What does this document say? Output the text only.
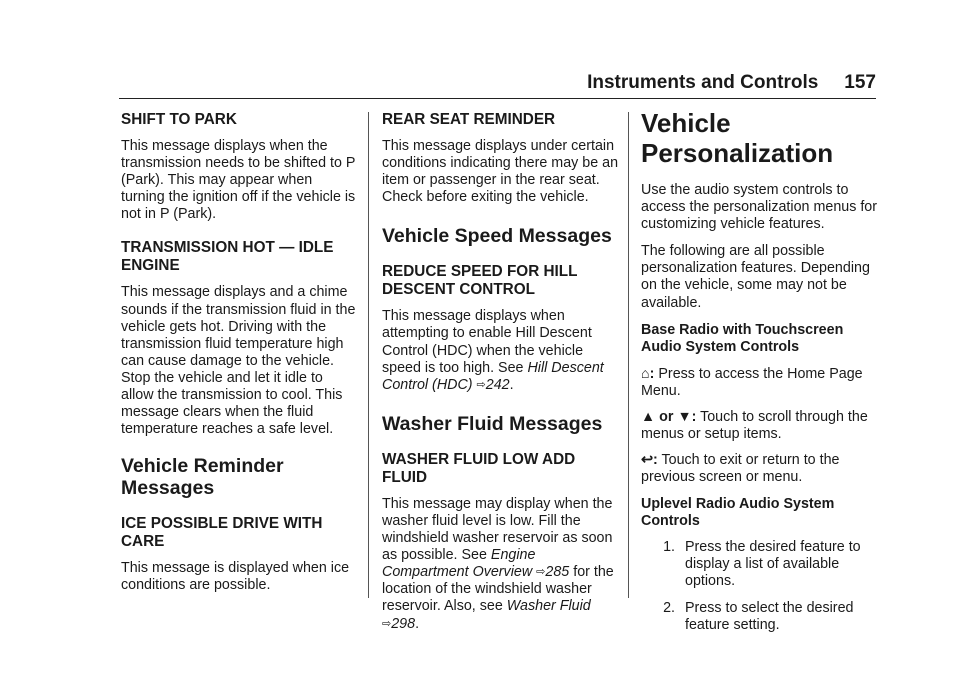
Instruments and Controls 157
SHIFT TO PARK

This message displays when the transmission needs to be shifted to P (Park). This may appear when turning the ignition off if the vehicle is not in P (Park).

TRANSMISSION HOT — IDLE ENGINE

This message displays and a chime sounds if the transmission fluid in the vehicle gets hot. Driving with the transmission fluid temperature high can cause damage to the vehicle. Stop the vehicle and let it idle to allow the transmission to cool. This message clears when the fluid temperature reaches a safe level.

Vehicle Reminder Messages
ICE POSSIBLE DRIVE WITH CARE

This message is displayed when ice conditions are possible.

REAR SEAT REMINDER

This message displays under certain conditions indicating there may be an item or passenger in the rear seat. Check before exiting the vehicle.

Vehicle Speed Messages
REDUCE SPEED FOR HILL DESCENT CONTROL

This message displays when attempting to enable Hill Descent Control (HDC) when the vehicle speed is too high. See Hill Descent Control (HDC) ⇨242.

Washer Fluid Messages
WASHER FLUID LOW ADD FLUID

This message may display when the washer fluid level is low. Fill the windshield washer reservoir as soon as possible. See Engine Compartment Overview ⇨285 for the location of the windshield washer reservoir. Also, see Washer Fluid ⇨298.

Vehicle Personalization

Use the audio system controls to access the personalization menus for customizing vehicle features.

The following are all possible personalization features. Depending on the vehicle, some may not be available.

Base Radio with Touchscreen Audio System Controls

⌂: Press to access the Home Page Menu.

▲ or ▼: Touch to scroll through the menus or setup items.

↩: Touch to exit or return to the previous screen or menu.

Uplevel Radio Audio System Controls

1. Press the desired feature to display a list of available options.

2. Press to select the desired feature setting.
